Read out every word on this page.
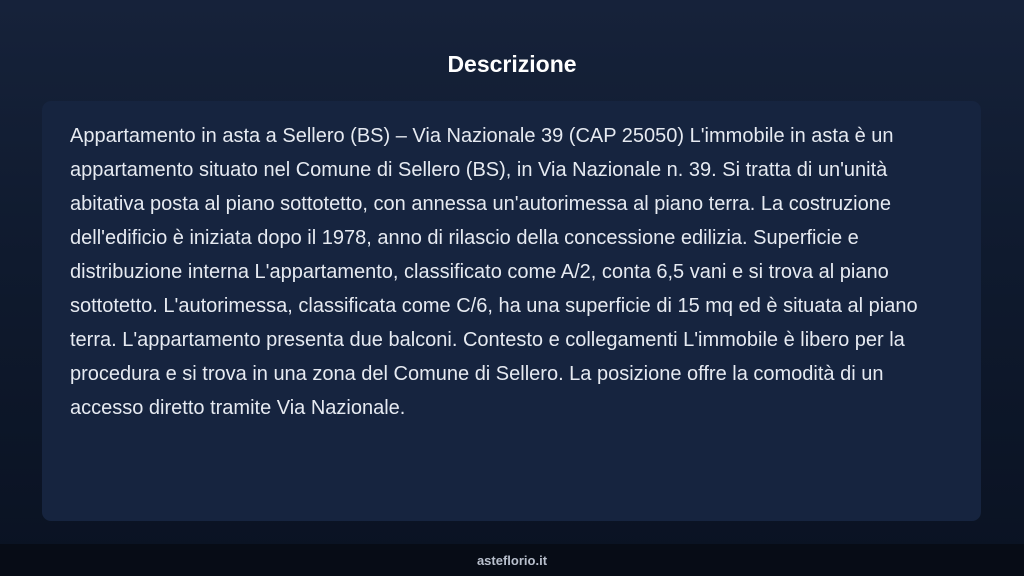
Descrizione

Appartamento in asta a Sellero (BS) – Via Nazionale 39 (CAP 25050) L'immobile in asta è un appartamento situato nel Comune di Sellero (BS), in Via Nazionale n. 39. Si tratta di un'unità abitativa posta al piano sottotetto, con annessa un'autorimessa al piano terra. La costruzione dell'edificio è iniziata dopo il 1978, anno di rilascio della concessione edilizia. Superficie e distribuzione interna L'appartamento, classificato come A/2, conta 6,5 vani e si trova al piano sottotetto. L'autorimessa, classificata come C/6, ha una superficie di 15 mq ed è situata al piano terra. L'appartamento presenta due balconi. Contesto e collegamenti L'immobile è libero per la procedura e si trova in una zona del Comune di Sellero. La posizione offre la comodità di un accesso diretto tramite Via Nazionale.

asteflorio.it
